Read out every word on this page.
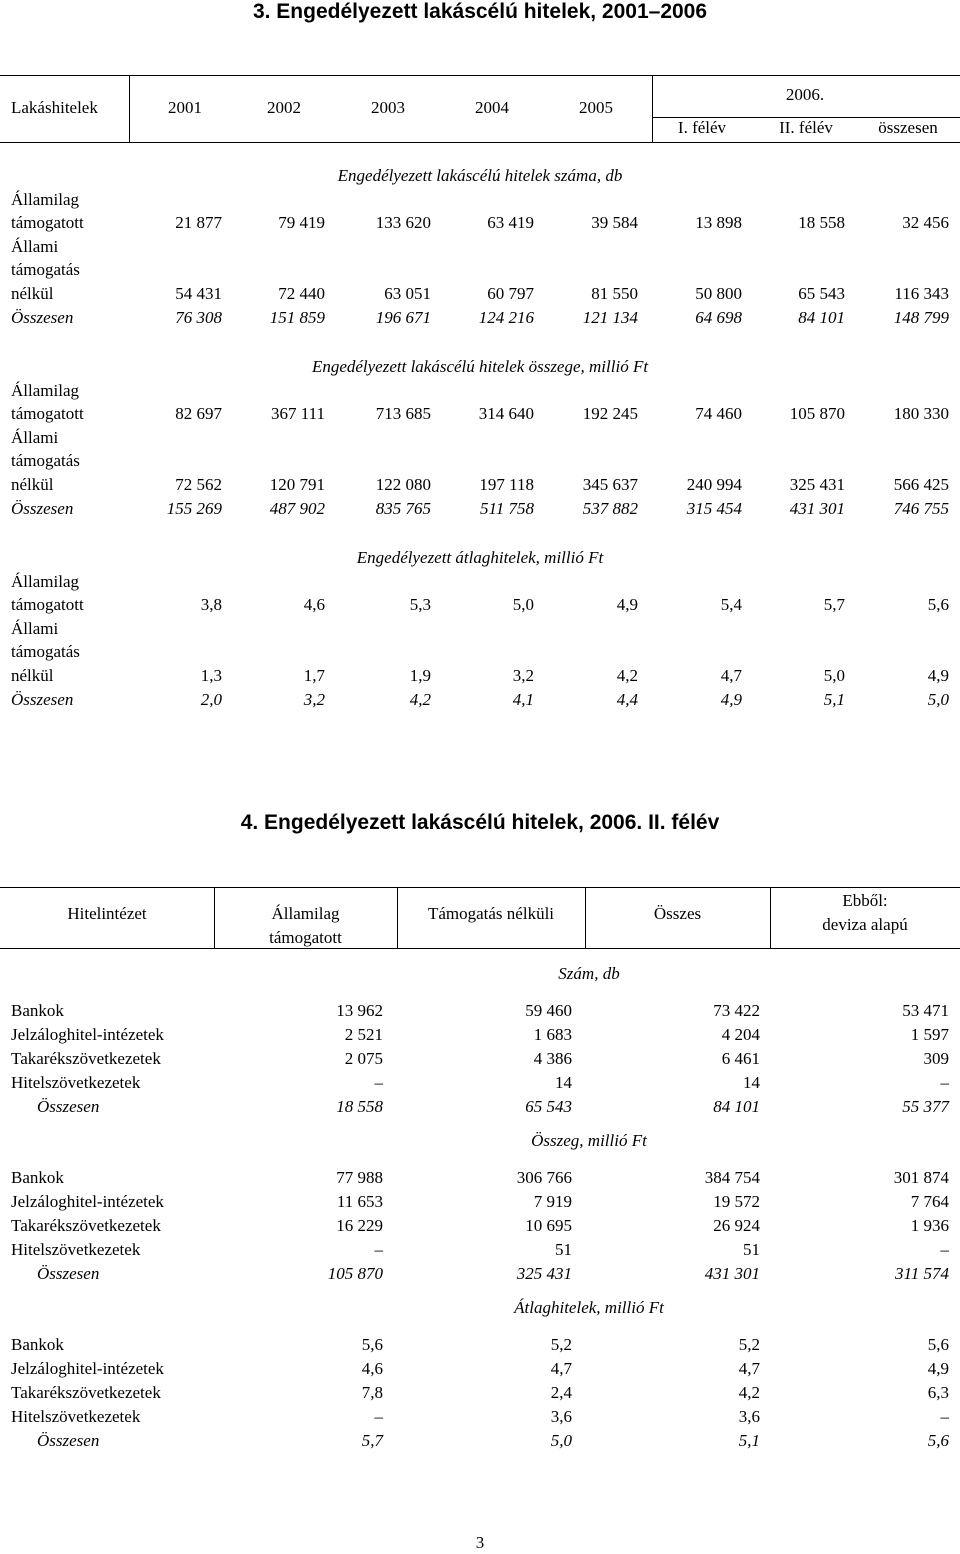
3. Engedélyezett lakáscélú hitelek, 2001–2006
Lakáshitelek	2001	2002	2003	2004	2005
2006.
I. félév	II. félév	összesen
Engedélyezett lakáscélú hitelek száma, db
Államilag
támogatott	21 877	79 419	133 620	63 419	39 584	13 898	18 558	32 456
Állami
támogatás
nélkül	54 431	72 440	63 051	60 797	81 550	50 800	65 543	116 343
Összesen	76 308	151 859	196 671	124 216	121 134	64 698	84 101	148 799
Engedélyezett lakáscélú hitelek összege, millió Ft
Államilag
támogatott	82 697	367 111	713 685	314 640	192 245	74 460	105 870	180 330
Állami
támogatás
nélkül	72 562	120 791	122 080	197 118	345 637	240 994	325 431	566 425
Összesen	155 269	487 902	835 765	511 758	537 882	315 454	431 301	746 755
Engedélyezett átlaghitelek, millió Ft
Államilag
támogatott	3,8	4,6	5,3	5,0	4,9	5,4	5,7	5,6
Állami
támogatás
nélkül	1,3	1,7	1,9	3,2	4,2	4,7	5,0	4,9
Összesen	2,0	3,2	4,2	4,1	4,4	4,9	5,1	5,0
4. Engedélyezett lakáscélú hitelek, 2006. II. félév
Hitelintézet	Államilag
támogatott
Támogatás nélküli	Összes
Ebből:
deviza alapú
Szám, db
Bankok	13 962	59 460	73 422	53 471
Jelzáloghitel-intézetek	2 521	1 683	4 204	1 597
Takarékszövetkezetek	2 075	4 386	6 461	309
Hitelszövetkezetek	–	14	14	–
Összesen	18 558	65 543	84 101	55 377
Összeg, millió Ft
Bankok	77 988	306 766	384 754	301 874
Jelzáloghitel-intézetek	11 653	7 919	19 572	7 764
Takarékszövetkezetek	16 229	10 695	26 924	1 936
Hitelszövetkezetek	–	51	51	–
Összesen	105 870	325 431	431 301	311 574
Átlaghitelek, millió Ft
Bankok	5,6	5,2	5,2	5,6
Jelzáloghitel-intézetek	4,6	4,7	4,7	4,9
Takarékszövetkezetek	7,8	2,4	4,2	6,3
Hitelszövetkezetek	–	3,6	3,6	–
Összesen	5,7	5,0	5,1	5,6
3
